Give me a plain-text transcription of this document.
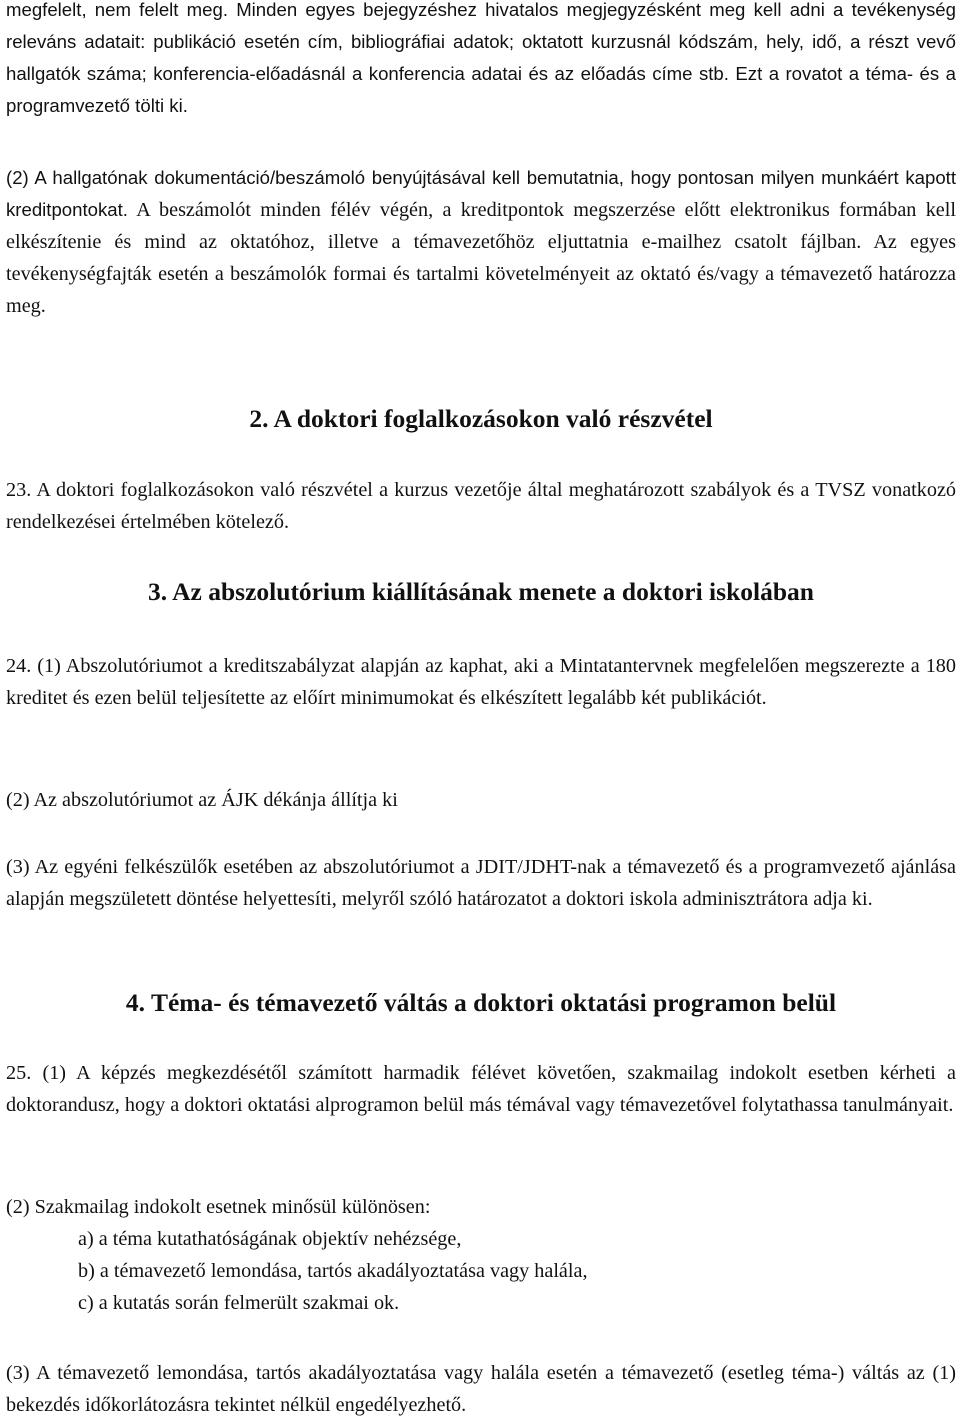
megfelelt, nem felelt meg. Minden egyes bejegyzéshez hivatalos megjegyzésként meg kell adni a tevékenység releváns adatait: publikáció esetén cím, bibliográfiai adatok; oktatott kurzusnál kódszám, hely, idő, a részt vevő hallgatók száma; konferencia-előadásnál a konferencia adatai és az előadás címe stb. Ezt a rovatot a téma- és a programvezető tölti ki.

(2) A hallgatónak dokumentáció/beszámoló benyújtásával kell bemutatnia, hogy pontosan milyen munkáért kapott kreditpontokat. A beszámolót minden félév végén, a kreditpontok megszerzése előtt elektronikus formában kell elkészítenie és mind az oktatóhoz, illetve a témavezetőhöz eljuttatnia e-mailhez csatolt fájlban. Az egyes tevékenységfajták esetén a beszámolók formai és tartalmi követelményeit az oktató és/vagy a témavezető határozza meg.

2. A doktori foglalkozásokon való részvétel

23. A doktori foglalkozásokon való részvétel a kurzus vezetője által meghatározott szabályok és a TVSZ vonatkozó rendelkezései értelmében kötelező.

3. Az abszolutórium kiállításának menete a doktori iskolában

24. (1) Abszolutóriumot a kreditszabályzat alapján az kaphat, aki a Mintatantervnek megfelelően megszerezte a 180 kreditet és ezen belül teljesítette az előírt minimumokat és elkészített legalább két publikációt.

(2) Az abszolutóriumot az ÁJK dékánja állítja ki

(3) Az egyéni felkészülők esetében az abszolutóriumot a JDIT/JDHT-nak a témavezető és a programvezető ajánlása alapján megszületett döntése helyettesíti, melyről szóló határozatot a doktori iskola adminisztrátora adja ki.

4. Téma- és témavezető váltás a doktori oktatási programon belül

25. (1) A képzés megkezdésétől számított harmadik félévet követően, szakmailag indokolt esetben kérheti a doktorandusz, hogy a doktori oktatási alprogramon belül más témával vagy témavezetővel folytathassa tanulmányait.

(2) Szakmailag indokolt esetnek minősül különösen:

a) a téma kutathatóságának objektív nehézsége,

b) a témavezető lemondása, tartós akadályoztatása vagy halála,

c) a kutatás során felmerült szakmai ok.

(3) A témavezető lemondása, tartós akadályoztatása vagy halála esetén a témavezető (esetleg téma-) váltás az (1) bekezdés időkorlátozásra tekintet nélkül engedélyezhető.
